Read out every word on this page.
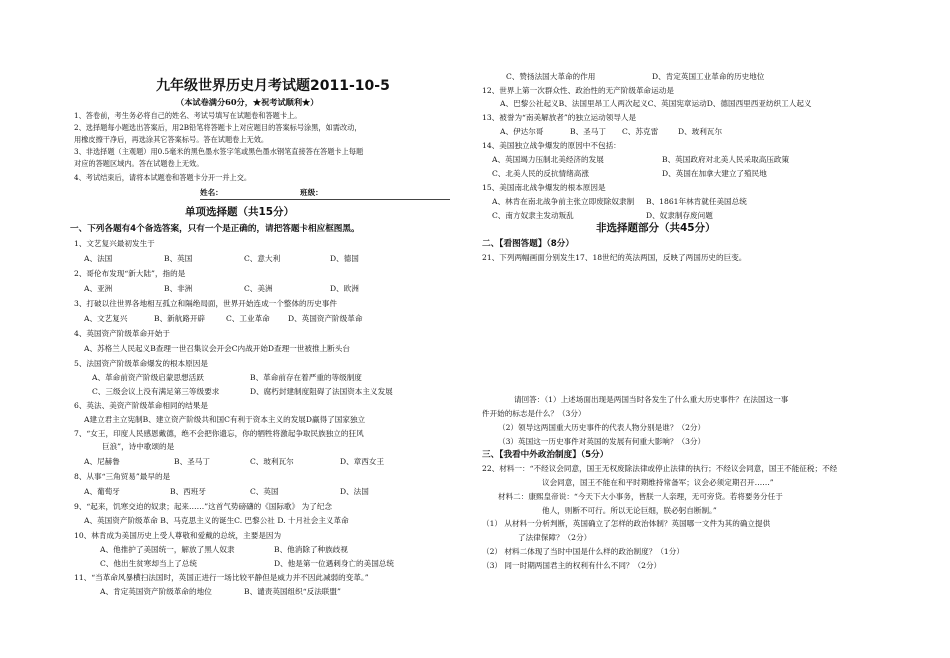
九年级世界历史月考试题2011-10-5
（本试卷满分60分，★祝考试顺利★）
1、答卷前，考生务必将自己的姓名、考试号填写在试题卷和答题卡上。
2、选择题每小题选出答案后，用2B铅笔将答题卡上对应题目的答案标号涂黑，如需改动，
用橡皮擦干净后，再选涂其它答案标号。答在试题卷上无效。
3、非选择题（主观题）用0.5毫米的黑色墨水签字笔或黑色墨水钢笔直接答在答题卡上每题
对应的答题区域内。答在试题卷上无效。
4、考试结束后，请将本试题卷和答题卡分开一并上交。
姓名：	班级：
单项选择题（共15分）
一、下列各题有4个备选答案，只有一个是正确的，请把答题卡相应框图黑。
1、文艺复兴最初发生于
A、法国	B、英国	C、意大利	D、德国
2、哥伦布发现“新大陆”，指的是
A、亚洲	B、非洲	C、美洲	D、欧洲
3、打破以往世界各地相互孤立和隔绝局面，世界开始连成一个整体的历史事件
A、文艺复兴	B、新航路开辟	C、工业革命 D、英国资产阶级革命
4、英国资产阶级革命开始于
A、苏格兰人民起义B查理一世召集议会开会C内战开始D查理一世被推上断头台
5、法国资产阶级革命爆发的根本原因是
A、革命前资产阶级启蒙思想活跃	B、革命前存在着严重的等级制度
C、三级会议上没有满足第三等级要求	D、腐朽封建制度阻碍了法国资本主义发展
6、英法、美资产阶级革命相同的结果是
A建立君主立宪制B、建立资产阶级共和国C有利于资本主义的发展D赢得了国家独立
7、“女王，印度人民感恩戴德，绝不会把你遗忘，你的牺牲将激起争取民族独立的狂风
巨浪”，诗中歌颂的是
A、尼赫鲁	B、圣马丁	C、玻利瓦尔	D、章西女王
8、从事“三角贸易”最早的是
A、葡萄牙	B、西班牙	C、英国	D、法国
9、“起来，饥寒交迫的奴隶；起来……”这首气势磅礴的《国际歌》 为了纪念
A、英国资产阶级革命 B、马克思主义的诞生C. 巴黎公社 D. 十月社会主义革命
10、林肯成为美国历史上受人尊敬和爱戴的总统，主要是因为
A、他推护了美国统一，解放了黑人奴隶	B、他消除了种族歧视
C、他出生贫寒却当上了总统	D、他是第一位遇刺身亡的美国总统
11、“当革命风暴横扫法国时，英国正进行一场比较平静但是威力并不因此减弱的变革。”
A、肯定英国资产阶级革命的地位	B、谴责英国组织“反法联盟”
C、赞扬法国大革命的作用	D、肯定英国工业革命的历史地位
12、世界上第一次群众性、政治性的无产阶级革命运动是
A、巴黎公社起义B、法国里昂工人两次起义C、英国宪章运动D、德国西里西亚纺织工人起义
13、被誉为“南美解放者”的独立运动领导人是
A、伊达尔哥	B、圣马丁 C、苏克雷	D、玻利瓦尔
14、美国独立战争爆发的原因中不包括：
A、英国竭力压制北美经济的发展	B、英国政府对北美人民采取高压政策
C、北美人民的反抗情绪高涨	D、英国在加拿大建立了殖民地
15、美国南北战争爆发的根本原因是
A、林肯在南北战争前主张立即废除奴隶制 B、1861年林肯就任美国总统
C、南方奴隶主发动叛乱	D、奴隶制存废问题
非选择题部分（共45分）
二、【看图答题】（8分）
21、下列两幅画面分别发生17、18世纪的英法两国，反映了两国历史的巨变。
请回答：（1）上述场面出现是两国当时各发生了什么重大历史事件？在法国这一事
件开始的标志是什么？（3分）
（2）领导这两国重大历史事件的代表人物分别是谁？（2分）
（3）英国这一历史事件对英国的发展有何重大影响？（3分）
三、【我看中外政治制度】（5分）
22、材料一：“不经议会同意，国王无权废除法律或停止法律的执行；不经议会同意，国王不能征税；不经
议会同意，国王不能在和平时期维持常备军；议会必须定期召开……”
材料二：康熙皇帝说：“今天下大小事务，皆朕一人亲理，无可旁贷。若将要务分任于
他人，则断不可行。所以无论巨细，朕必躬自断制。”
（1） 从材料一分析判断，英国确立了怎样的政治体制？英国哪一文件为其的确立提供
了法律保障？（2分）
（2） 材料二体现了当时中国是什么样的政治制度？（1分）
（3） 同一时期两国君主的权利有什么不同？（2分）
